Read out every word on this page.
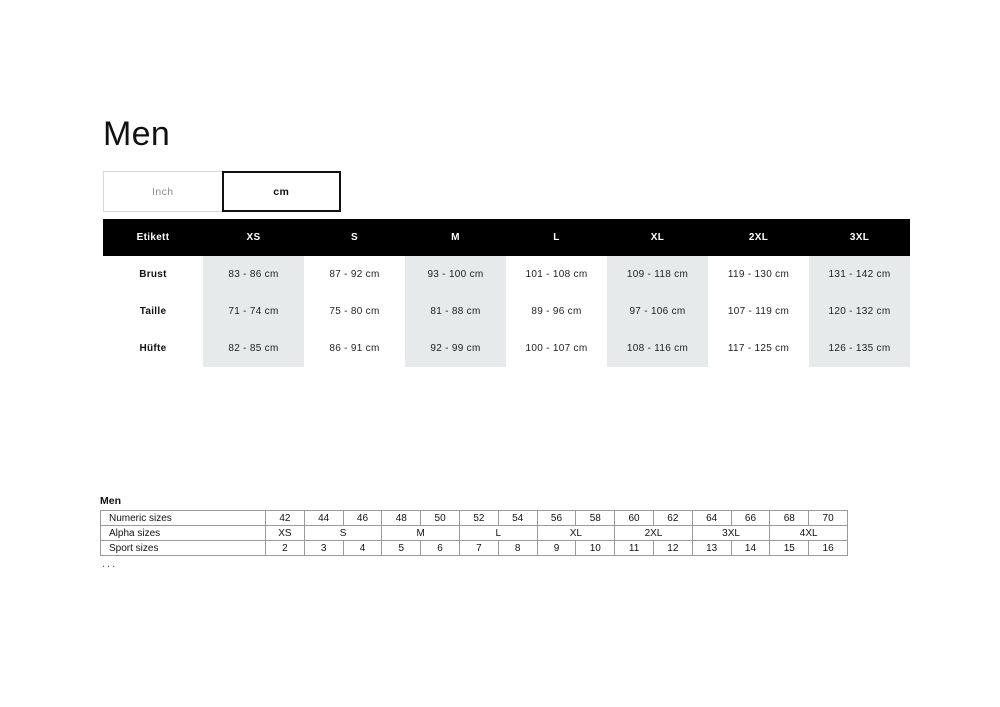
Men
Inch	cm
Etikett	XS	S	M	L	XL	2XL	3XL
Brust	83 - 86 cm	87 - 92 cm	93 - 100 cm	101 - 108 cm	109 - 118 cm	119 - 130 cm	131 - 142 cm
Taille	71 - 74 cm	75 - 80 cm	81 - 88 cm	89 - 96 cm	97 - 106 cm	107 - 119 cm	120 - 132 cm
Hüfte	82 - 85 cm	86 - 91 cm	92 - 99 cm	100 - 107 cm	108 - 116 cm	117 - 125 cm	126 - 135 cm
Men
Numeric sizes	42	44	46	48	50	52	54	56	58	60	62	64	66	68	70
Alpha sizes	XS	S		M		L		XL		2XL		3XL		4XL	
Sport sizes	2	3	4	5	6	7	8	9	10	11	12	13	14	15	16
...
